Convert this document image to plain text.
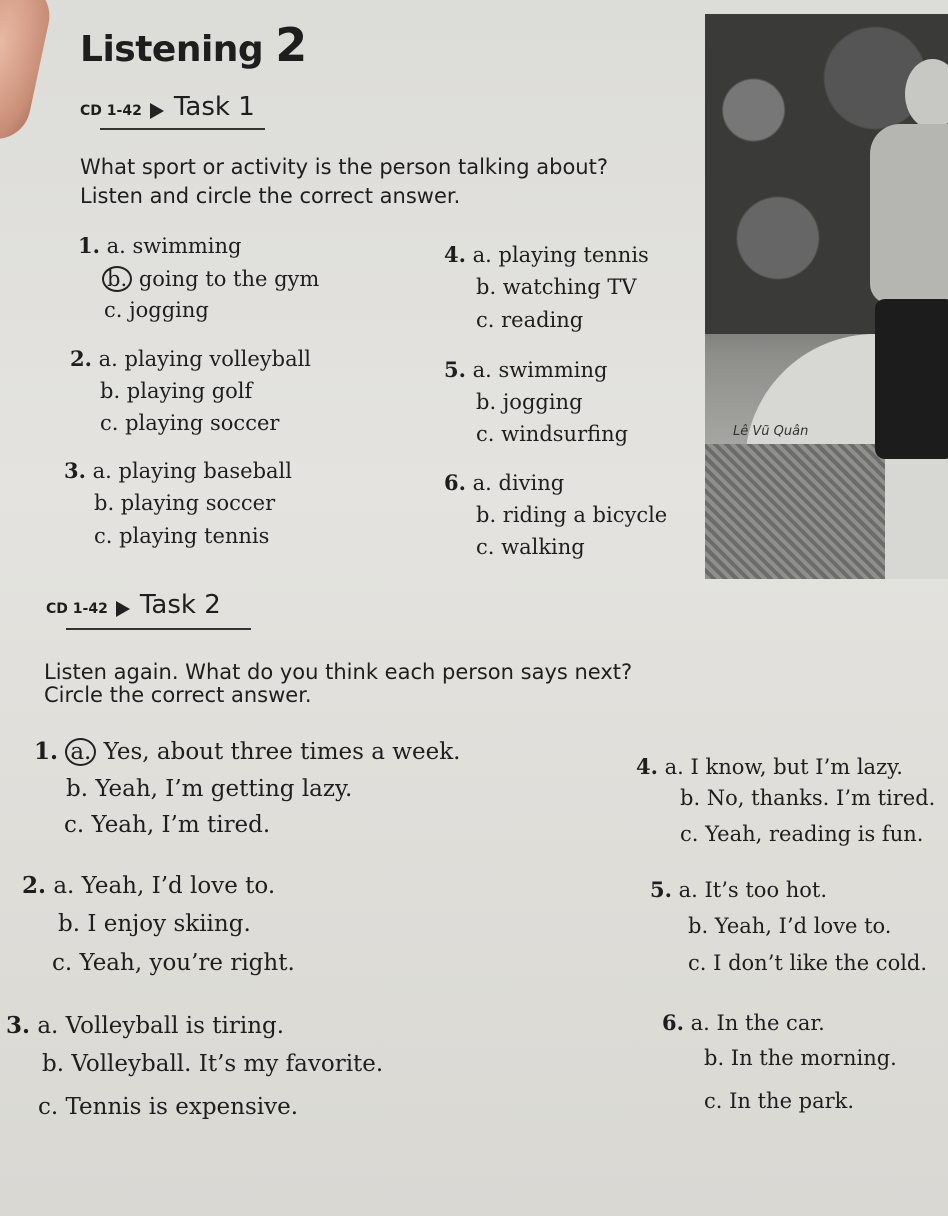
Lê Vũ Quân
Listening 2
CD 1-42 Task 1
What sport or activity is the person talking about?
Listen and circle the correct answer.
1. a. swimming
b. going to the gym
c. jogging
2. a. playing volleyball
b. playing golf
c. playing soccer
3. a. playing baseball
b. playing soccer
c. playing tennis
4. a. playing tennis
b. watching TV
c. reading
5. a. swimming
b. jogging
c. windsurfing
6. a. diving
b. riding a bicycle
c. walking
CD 1-42 Task 2
Listen again. What do you think each person says next?
Circle the correct answer.
1. a. Yes, about three times a week.
b. Yeah, I’m getting lazy.
c. Yeah, I’m tired.
2. a. Yeah, I’d love to.
b. I enjoy skiing.
c. Yeah, you’re right.
3. a. Volleyball is tiring.
b. Volleyball. It’s my favorite.
c. Tennis is expensive.
4. a. I know, but I’m lazy.
b. No, thanks. I’m tired.
c. Yeah, reading is fun.
5. a. It’s too hot.
b. Yeah, I’d love to.
c. I don’t like the cold.
6. a. In the car.
b. In the morning.
c. In the park.
